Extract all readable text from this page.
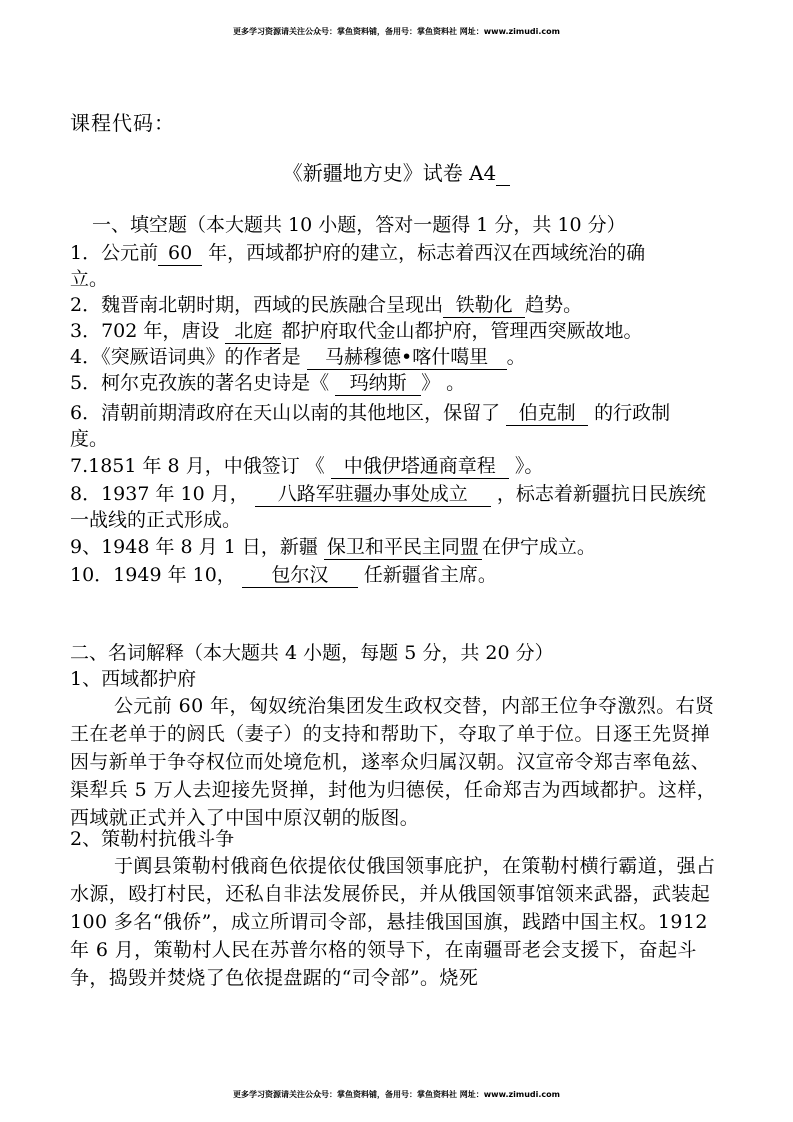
更多学习资源请关注公众号：掌鱼资料铺，备用号：掌鱼资料社 网址：www.zimudi.com
课程代码：
《新疆地方史》试卷 A4
一、填空题（本大题共 10 小题，答对一题得 1 分，共 10 分）
1．公元前 60 年，西域都护府的建立，标志着西汉在西域统治的确
立。
2．魏晋南北朝时期，西域的民族融合呈现出 铁勒化 趋势。
3．702 年，唐设 北庭 都护府取代金山都护府，管理西突厥故地。
4．《突厥语词典》的作者是 马赫穆德•喀什噶里 。
5．柯尔克孜族的著名史诗是《 玛纳斯 》 。
6．清朝前期清政府在天山以南的其他地区，保留了 伯克制 的行政制
度。
7.1851 年 8 月，中俄签订 《 中俄伊塔通商章程 》。
8．1937 年 10 月， 八路军驻疆办事处成立 ，标志着新疆抗日民族统
一战线的正式形成。
9、1948 年 8 月 1 日，新疆 保卫和平民主同盟 在伊宁成立。
10．1949 年 10， 包尔汉 任新疆省主席。
二、名词解释（本大题共 4 小题，每题 5 分，共 20 分）
1、西域都护府
公元前 60 年，匈奴统治集团发生政权交替，内部王位争夺激烈。右贤王在老单于的阏氏（妻子）的支持和帮助下，夺取了单于位。日逐王先贤掸因与新单于争夺权位而处境危机，遂率众归属汉朝。汉宣帝令郑吉率龟兹、渠犁兵 5 万人去迎接先贤掸，封他为归德侯，任命郑吉为西域都护。这样，西域就正式并入了中国中原汉朝的版图。
2、策勒村抗俄斗争
于阗县策勒村俄商色依提依仗俄国领事庇护，在策勒村横行霸道，强占水源，殴打村民，还私自非法发展侨民，并从俄国领事馆领来武器，武装起 100 多名“俄侨”，成立所谓司令部，悬挂俄国国旗，践踏中国主权。1912 年 6 月，策勒村人民在苏普尔格的领导下，在南疆哥老会支援下，奋起斗争，捣毁并焚烧了色依提盘踞的“司令部”。烧死
更多学习资源请关注公众号：掌鱼资料铺，备用号：掌鱼资料社 网址：www.zimudi.com
